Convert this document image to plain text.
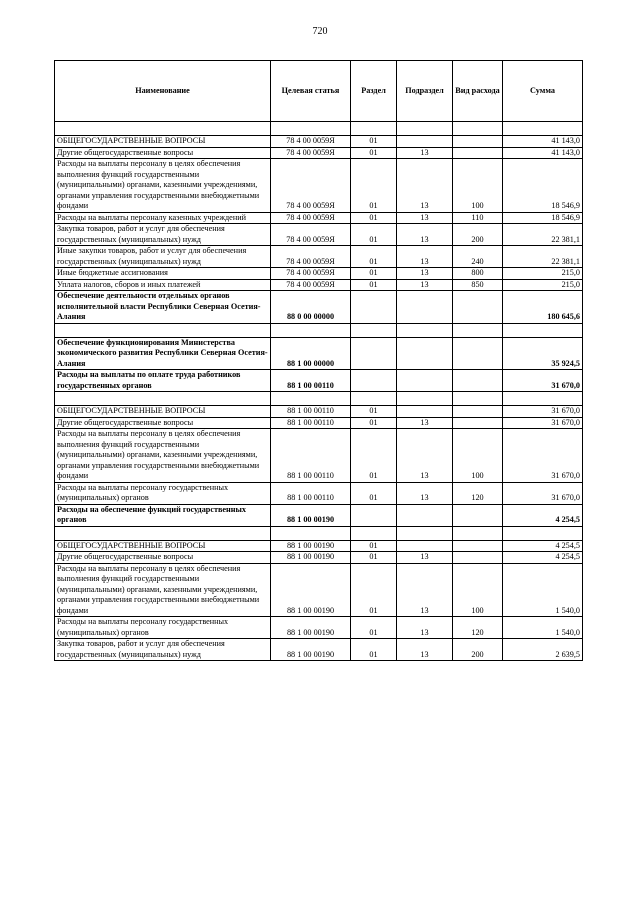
720
Наименование	Целевая статья	Раздел	Подраздел	Вид расхода	Сумма

ОБЩЕГОСУДАРСТВЕННЫЕ ВОПРОСЫ	78 4 00 0059Я	01			41 143,0
Другие общегосударственные вопросы	78 4 00 0059Я	01	13		41 143,0
Расходы на выплаты персоналу в целях обеспечения выполнения функций государственными (муниципальными) органами, казенными учреждениями, органами управления государственными внебюджетными фондами	78 4 00 0059Я	01	13	100	18 546,9
Расходы на выплаты персоналу казенных учреждений	78 4 00 0059Я	01	13	110	18 546,9
Закупка товаров, работ и услуг для обеспечения государственных (муниципальных) нужд	78 4 00 0059Я	01	13	200	22 381,1
Иные закупки товаров, работ и услуг для обеспечения государственных (муниципальных) нужд	78 4 00 0059Я	01	13	240	22 381,1
Иные бюджетные ассигнования	78 4 00 0059Я	01	13	800	215,0
Уплата налогов, сборов и иных платежей	78 4 00 0059Я	01	13	850	215,0
Обеспечение деятельности отдельных органов исполнительной власти Республики Северная Осетия-Алания	88 0 00 00000				180 645,6

Обеспечение функционирования Министерства экономического развития Республики Северная Осетия-Алания	88 1 00 00000				35 924,5
Расходы на выплаты по оплате труда работников государственных органов	88 1 00 00110				31 670,0

ОБЩЕГОСУДАРСТВЕННЫЕ ВОПРОСЫ	88 1 00 00110	01			31 670,0
Другие общегосударственные вопросы	88 1 00 00110	01	13		31 670,0
Расходы на выплаты персоналу в целях обеспечения выполнения функций государственными (муниципальными) органами, казенными учреждениями, органами управления государственными внебюджетными фондами	88 1 00 00110	01	13	100	31 670,0
Расходы на выплаты персоналу государственных (муниципальных) органов	88 1 00 00110	01	13	120	31 670,0
Расходы на обеспечение функций государственных органов	88 1 00 00190				4 254,5

ОБЩЕГОСУДАРСТВЕННЫЕ ВОПРОСЫ	88 1 00 00190	01			4 254,5
Другие общегосударственные вопросы	88 1 00 00190	01	13		4 254,5
Расходы на выплаты персоналу в целях обеспечения выполнения функций государственными (муниципальными) органами, казенными учреждениями, органами управления государственными внебюджетными фондами	88 1 00 00190	01	13	100	1 540,0
Расходы на выплаты персоналу государственных (муниципальных) органов	88 1 00 00190	01	13	120	1 540,0
Закупка товаров, работ и услуг для обеспечения государственных (муниципальных) нужд	88 1 00 00190	01	13	200	2 639,5
